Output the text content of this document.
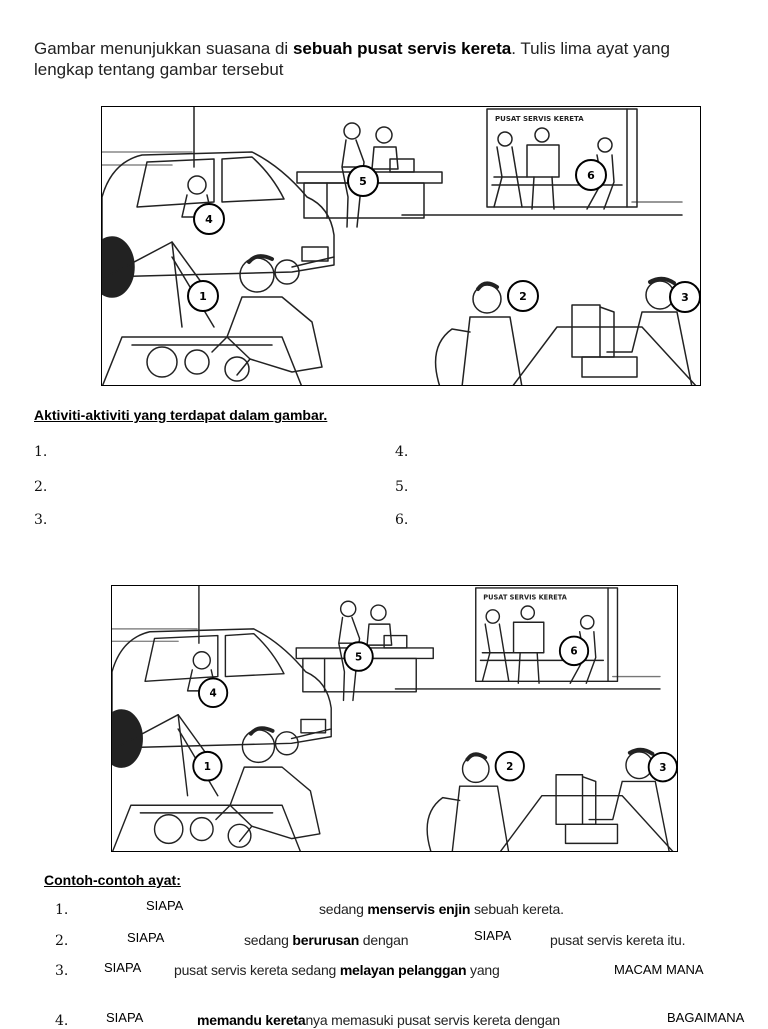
Gambar menunjukkan suasana di sebuah pusat servis kereta. Tulis lima ayat yang lengkap tentang gambar tersebut
PUSAT SERVIS KERETA
1	2	3
4
5	6
Aktiviti-aktiviti yang terdapat dalam gambar.
1.
2.
3.
4.
5.
6.
PUSAT SERVIS KERETA
1	2	3
4
5	6
Contoh-contoh ayat:
1.	SIAPA	sedang menservis enjin sebuah kereta.
2.	SIAPA	sedang berurusan dengan	SIAPA	pusat servis kereta itu.
3.	SIAPA pusat servis kereta sedang melayan pelanggan yang	MACAM MANA
4.	SIAPA	memandu keretanya memasuki pusat servis kereta dengan	BAGAIMANA
